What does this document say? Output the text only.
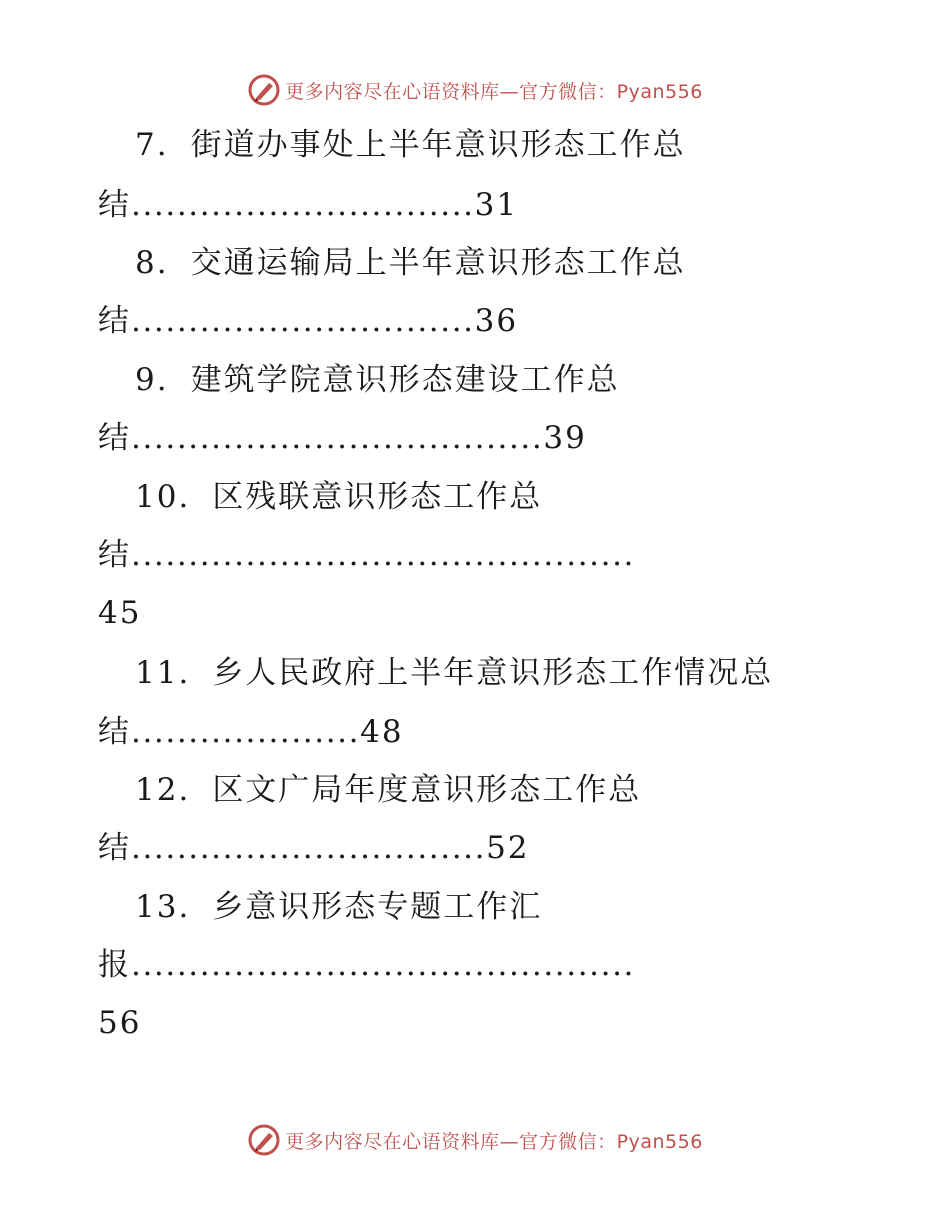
更多内容尽在心语资料库—官方微信：Pyan556
7. 街道办事处上半年意识形态工作总
结..............................31
8. 交通运输局上半年意识形态工作总
结..............................36
9. 建筑学院意识形态建设工作总
结....................................39
10. 区残联意识形态工作总
结............................................
45
11. 乡人民政府上半年意识形态工作情况总
结....................48
12. 区文广局年度意识形态工作总
结...............................52
13. 乡意识形态专题工作汇
报............................................
56
更多内容尽在心语资料库—官方微信：Pyan556
